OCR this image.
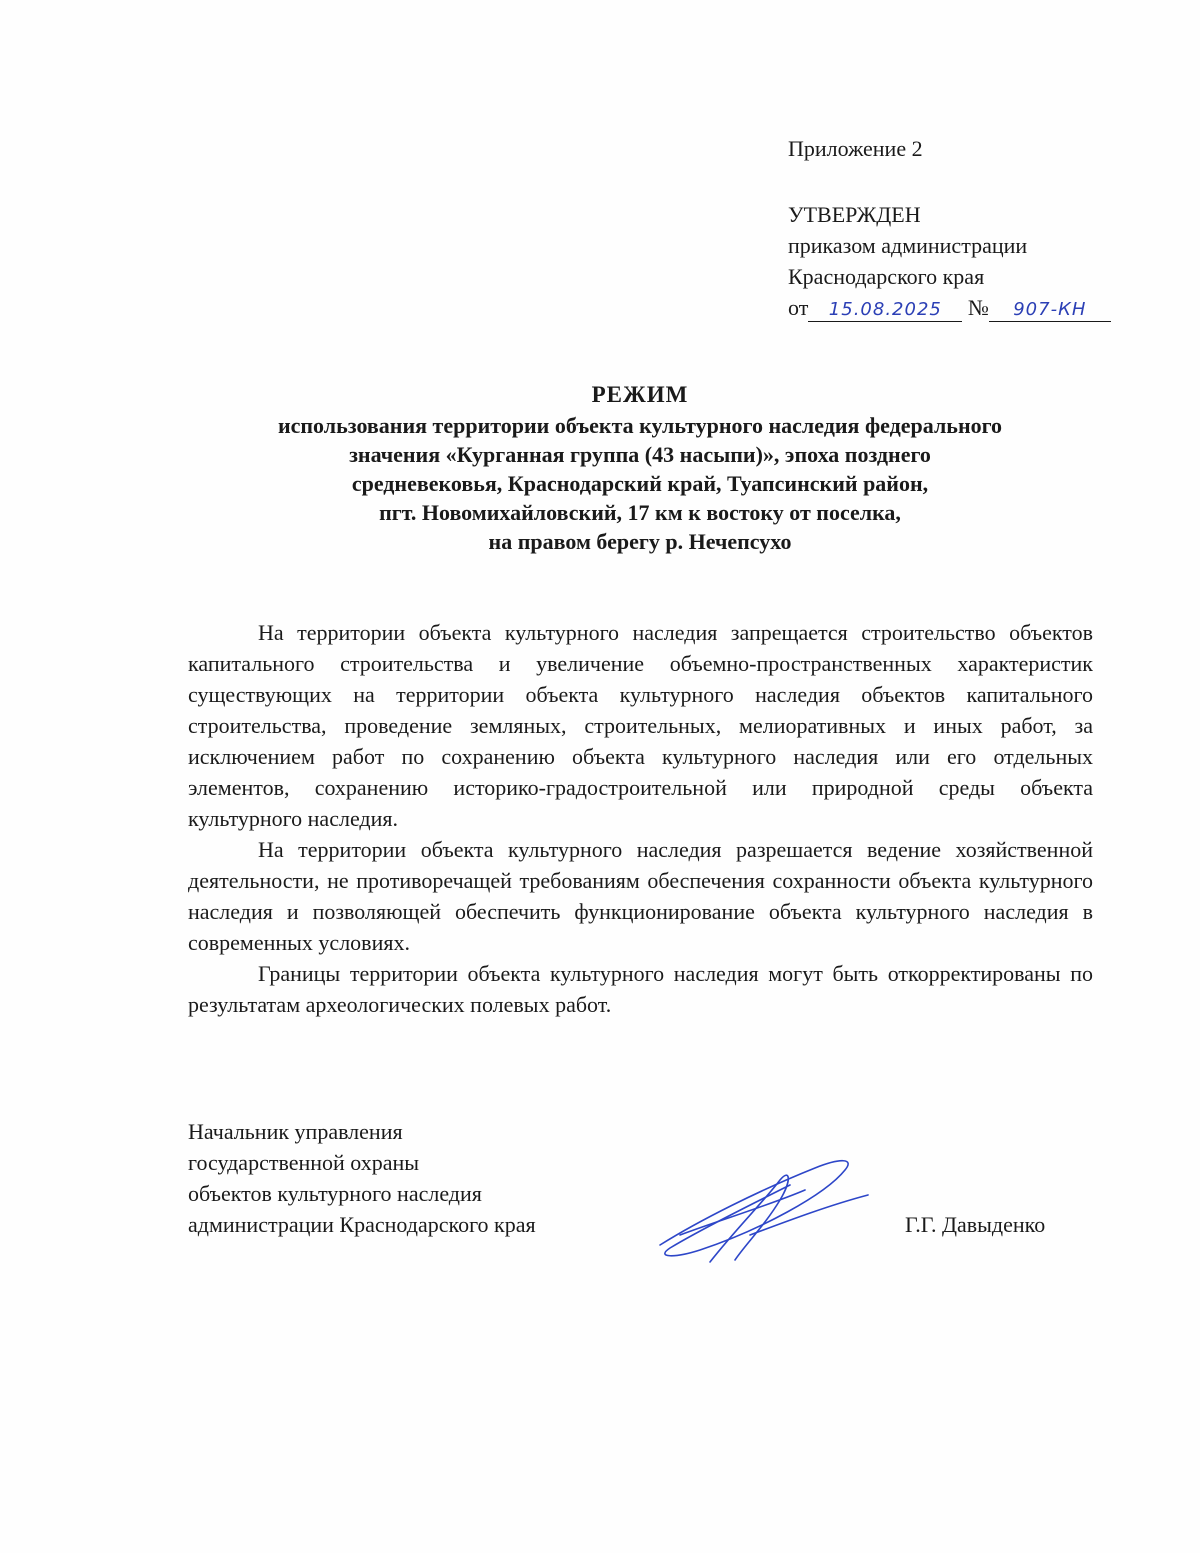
Приложение 2
УТВЕРЖДЕН
приказом администрации
Краснодарского края
от 15.08.2025 № 907-КН
РЕЖИМ
использования территории объекта культурного наследия федерального
значения «Курганная группа (43 насыпи)», эпоха позднего
средневековья, Краснодарский край, Туапсинский район,
пгт. Новомихайловский, 17 км к востоку от поселка,
на правом берегу р. Нечепсухо

На территории объекта культурного наследия запрещается строительство объектов капитального строительства и увеличение объемно-пространственных характеристик существующих на территории объекта культурного наследия объектов капитального строительства, проведение земляных, строительных, мелиоративных и иных работ, за исключением работ по сохранению объекта культурного наследия или его отдельных элементов, сохранению историко-градостроительной или природной среды объекта культурного наследия.

На территории объекта культурного наследия разрешается ведение хозяйственной деятельности, не противоречащей требованиям обеспечения сохранности объекта культурного наследия и позволяющей обеспечить функционирование объекта культурного наследия в современных условиях.

Границы территории объекта культурного наследия могут быть откорректированы по результатам археологических полевых работ.

Начальник управления
государственной охраны
объектов культурного наследия
администрации Краснодарского края	Г.Г. Давыденко
